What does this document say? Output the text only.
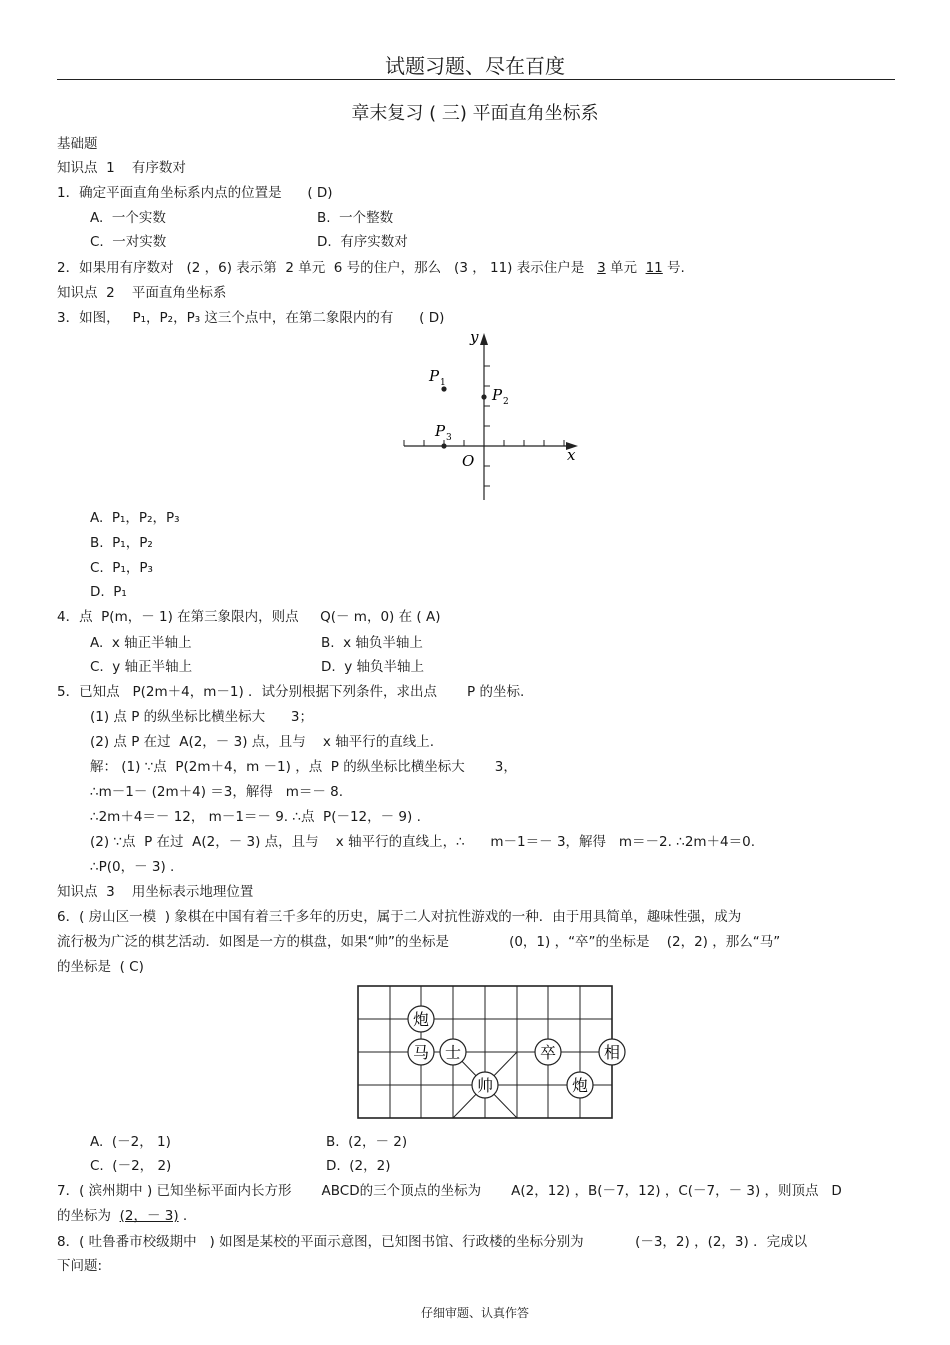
试题习题、尽在百度
章末复习 ( 三) 平面直角坐标系
基础题
知识点  1    有序数对
1．确定平面直角坐标系内点的位置是      ( D)
A.  一个实数	B.  一个整数
C.  一对实数	D.  有序实数对
2．如果用有序数对   (2 ，6) 表示第  2 单元  6 号的住户，那么   (3 ， 11) 表示住户是   3 单元  11 号.
知识点  2    平面直角坐标系
3．如图，   P₁，P₂，P₃ 这三个点中，在第二象限内的有      ( D)
P 1
P 2
P 3
O	x
y
A.  P₁，P₂，P₃
B.  P₁，P₂
C.  P₁，P₃
D.  P₁
4．点  P(m，－ 1) 在第三象限内，则点     Q(－ m，0) 在 ( A)
A.  x 轴正半轴上	B.  x 轴负半轴上
C.  y 轴正半轴上	D.  y 轴负半轴上
5．已知点   P(2m＋4，m－1) ．试分别根据下列条件，求出点       P 的坐标.
(1) 点 P 的纵坐标比横坐标大      3；
(2) 点 P 在过  A(2，－ 3) 点，且与    x 轴平行的直线上.
解： (1) ∵点  P(2m＋4，m －1) ，点  P 的纵坐标比横坐标大       3，
∴m－1－ (2m＋4) ＝3，解得   m＝－ 8.
∴2m＋4＝－ 12， m－1＝－ 9. ∴点  P(－12，－ 9) .
(2) ∵点  P 在过  A(2，－ 3) 点，且与    x 轴平行的直线上，∴      m－1＝－ 3，解得   m＝－2. ∴2m＋4＝0.
∴P(0，－ 3) .
知识点  3    用坐标表示地理位置
6．( 房山区一模  ) 象棋在中国有着三千多年的历史，属于二人对抗性游戏的一种．由于用具简单，趣味性强，成为
流行极为广泛的棋艺活动．如图是一方的棋盘，如果“帅”的坐标是              (0，1) ，“卒”的坐标是    (2，2) ，那么“马”
的坐标是  ( C)
炮
马 士
帅
卒	相
炮
A.  (－2， 1)	B.  (2，－ 2)
C.  (－2， 2)	D.  (2，2)
7．( 滨州期中 ) 已知坐标平面内长方形       ABCD的三个顶点的坐标为       A(2，12) ，B(－7，12) ，C(－7，－ 3) ，则顶点   D
的坐标为  (2，－ 3) .
8．( 吐鲁番市校级期中   ) 如图是某校的平面示意图，已知图书馆、行政楼的坐标分别为            (－3，2) ，(2，3) ．完成以
下问题:
仔细审题、认真作答
